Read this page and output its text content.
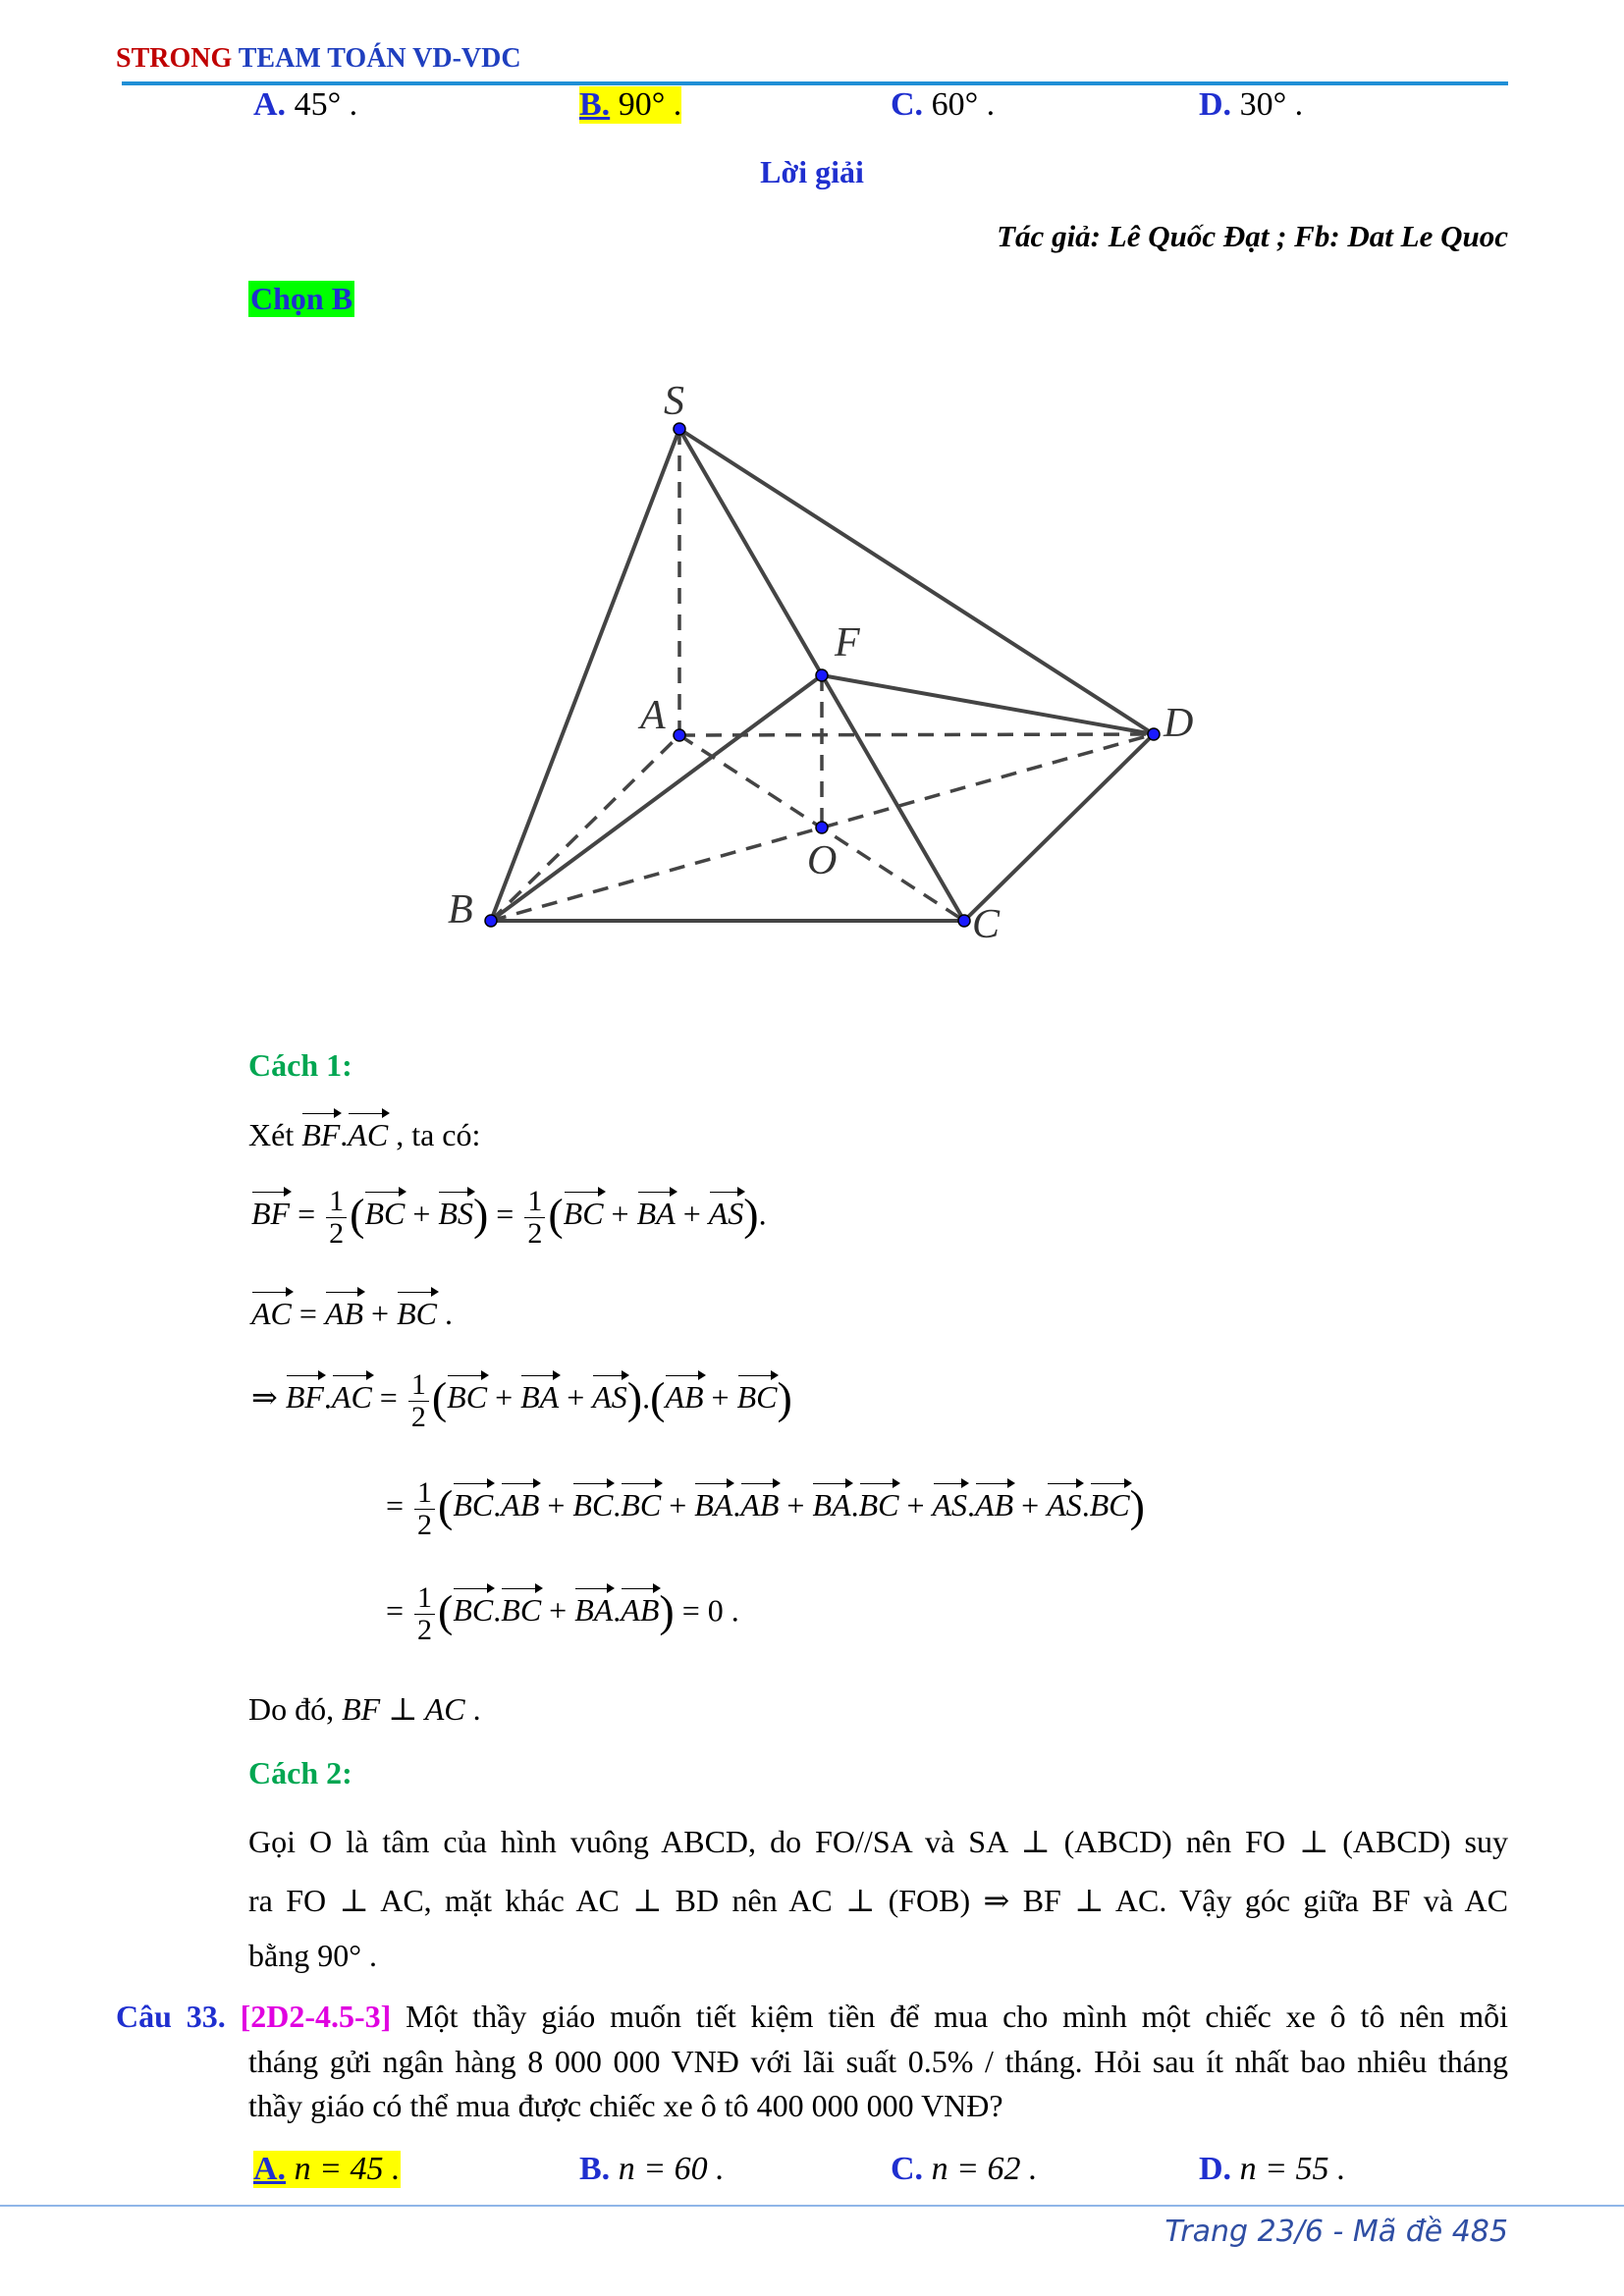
STRONG TEAM TOÁN VD-VDC
A. 45° .	B. 90° .	C. 60° .	D. 30° .
Lời giải
Tác giả: Lê Quốc Đạt ; Fb: Dat Le Quoc
Chọn B
S
F
A	D
O
B	C
Cách 1:
Xét BF.AC , ta có:
BF = $\frac{1}{2} (BC + BS) = \frac{1}{2} (BC$ + BA + AS).
AC = AB + BC .
⇒ $BF.AC = \frac{1}{2} (BC$ + BA + AS).(AB + BC)
= $\frac{1}{2} (BC.AB + BC.BC + BA.AB + BA.BC + AS.AB + AS.BC)$
= $\frac{1}{2} (BC.BC + BA.AB) = 0$ .
Do đó, BF ⊥ AC .
Cách 2:
Gọi O là tâm của hình vuông ABCD, do FO//SA và SA ⊥ (ABCD) nên FO ⊥ (ABCD) suy
ra FO ⊥ AC, mặt khác AC ⊥ BD nên AC ⊥ (FOB) ⇒ BF ⊥ AC. Vậy góc giữa BF và AC
bằng 90° .
Câu 33. [2D2-4.5-3] Một thầy giáo muốn tiết kiệm tiền để mua cho mình một chiếc xe ô tô nên mỗi
tháng gửi ngân hàng 8 000 000 VNĐ với lãi suất 0.5% / tháng. Hỏi sau ít nhất bao nhiêu tháng
thầy giáo có thể mua được chiếc xe ô tô 400 000 000 VNĐ?
A. n = 45 .	B. n = 60 .	C. n = 62 .	D. n = 55 .
Trang 23/6 - Mã đề 485
